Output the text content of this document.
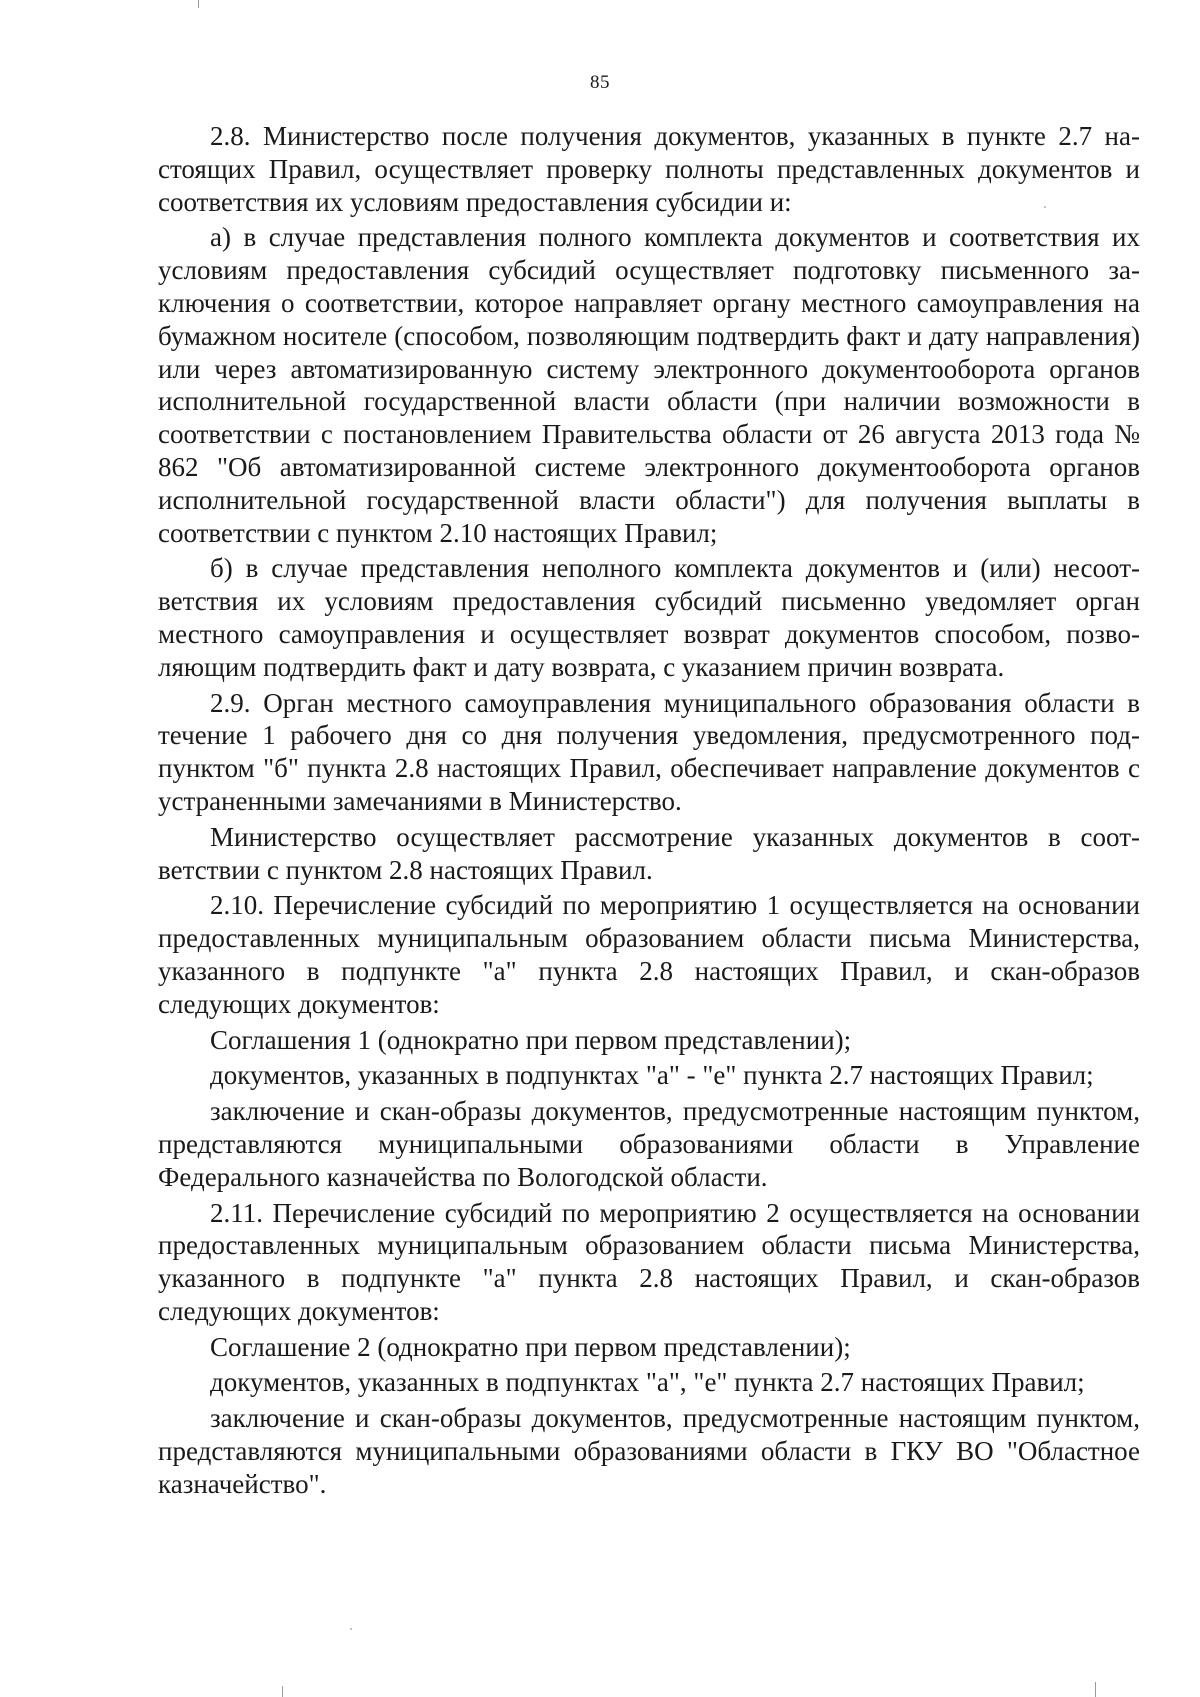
85

2.8. Министерство после получения документов, указанных в пункте 2.7 настоящих Правил, осуществляет проверку полноты представленных документов и соответствия их условиям предоставления субсидии и:

а) в случае представления полного комплекта документов и соответствия их условиям предоставления субсидий осуществляет подготовку письменного заключения о соответствии, которое направляет органу местного самоуправления на бумажном носителе (способом, позволяющим подтвердить факт и дату направления) или через автоматизированную систему электронного документооборота органов исполнительной государственной власти области (при наличии возможности в соответствии с постановлением Правительства области от 26 августа 2013 года № 862 "Об автоматизированной системе электронного документооборота органов исполнительной государственной власти области") для получения выплаты в соответствии с пунктом 2.10 настоящих Правил;

б) в случае представления неполного комплекта документов и (или) несоответствия их условиям предоставления субсидий письменно уведомляет орган местного самоуправления и осуществляет возврат документов способом, позволяющим подтвердить факт и дату возврата, с указанием причин возврата.

2.9. Орган местного самоуправления муниципального образования области в течение 1 рабочего дня со дня получения уведомления, предусмотренного подпунктом "б" пункта 2.8 настоящих Правил, обеспечивает направление документов с устраненными замечаниями в Министерство.

Министерство осуществляет рассмотрение указанных документов в соответствии с пунктом 2.8 настоящих Правил.

2.10. Перечисление субсидий по мероприятию 1 осуществляется на основании предоставленных муниципальным образованием области письма Министерства, указанного в подпункте "а" пункта 2.8 настоящих Правил, и скан-образов следующих документов:

Соглашения 1 (однократно при первом представлении);

документов, указанных в подпунктах "а" - "е" пункта 2.7 настоящих Правил;

заключение и скан-образы документов, предусмотренные настоящим пунктом, представляются муниципальными образованиями области в Управление Федерального казначейства по Вологодской области.

2.11. Перечисление субсидий по мероприятию 2 осуществляется на основании предоставленных муниципальным образованием области письма Министерства, указанного в подпункте "а" пункта 2.8 настоящих Правил, и скан-образов следующих документов:

Соглашение 2 (однократно при первом представлении);

документов, указанных в подпунктах "а", "е" пункта 2.7 настоящих Правил;

заключение и скан-образы документов, предусмотренные настоящим пунктом, представляются муниципальными образованиями области в ГКУ ВО "Областное казначейство".
